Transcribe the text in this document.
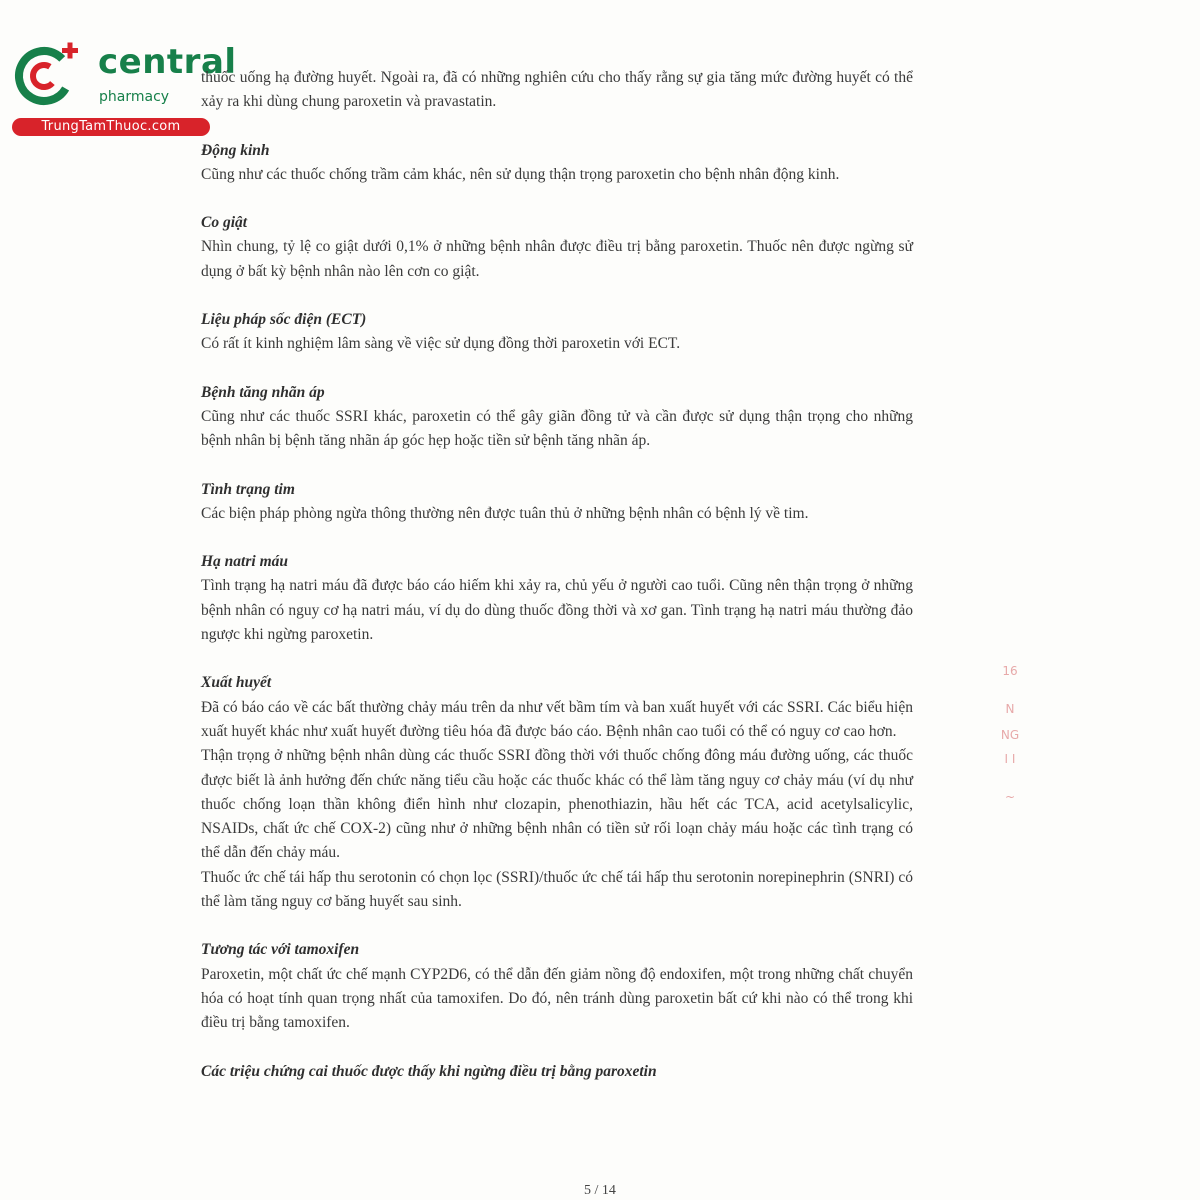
central
pharmacy
TrungTamThuoc.com

thuốc uống hạ đường huyết. Ngoài ra, đã có những nghiên cứu cho thấy rằng sự gia tăng mức đường huyết có thể xảy ra khi dùng chung paroxetin và pravastatin.

Động kinh

Cũng như các thuốc chống trầm cảm khác, nên sử dụng thận trọng paroxetin cho bệnh nhân động kinh.

Co giật

Nhìn chung, tỷ lệ co giật dưới 0,1% ở những bệnh nhân được điều trị bằng paroxetin. Thuốc nên được ngừng sử dụng ở bất kỳ bệnh nhân nào lên cơn co giật.

Liệu pháp sốc điện (ECT)

Có rất ít kinh nghiệm lâm sàng về việc sử dụng đồng thời paroxetin với ECT.

Bệnh tăng nhãn áp

Cũng như các thuốc SSRI khác, paroxetin có thể gây giãn đồng tử và cần được sử dụng thận trọng cho những bệnh nhân bị bệnh tăng nhãn áp góc hẹp hoặc tiền sử bệnh tăng nhãn áp.

Tình trạng tim

Các biện pháp phòng ngừa thông thường nên được tuân thủ ở những bệnh nhân có bệnh lý về tim.

Hạ natri máu

Tình trạng hạ natri máu đã được báo cáo hiếm khi xảy ra, chủ yếu ở người cao tuổi. Cũng nên thận trọng ở những bệnh nhân có nguy cơ hạ natri máu, ví dụ do dùng thuốc đồng thời và xơ gan. Tình trạng hạ natri máu thường đảo ngược khi ngừng paroxetin.

Xuất huyết

Đã có báo cáo về các bất thường chảy máu trên da như vết bầm tím và ban xuất huyết với các SSRI. Các biểu hiện xuất huyết khác như xuất huyết đường tiêu hóa đã được báo cáo. Bệnh nhân cao tuổi có thể có nguy cơ cao hơn.

Thận trọng ở những bệnh nhân dùng các thuốc SSRI đồng thời với thuốc chống đông máu đường uống, các thuốc được biết là ảnh hưởng đến chức năng tiểu cầu hoặc các thuốc khác có thể làm tăng nguy cơ chảy máu (ví dụ như thuốc chống loạn thần không điển hình như clozapin, phenothiazin, hầu hết các TCA, acid acetylsalicylic, NSAIDs, chất ức chế COX-2) cũng như ở những bệnh nhân có tiền sử rối loạn chảy máu hoặc các tình trạng có thể dẫn đến chảy máu.

Thuốc ức chế tái hấp thu serotonin có chọn lọc (SSRI)/thuốc ức chế tái hấp thu serotonin norepinephrin (SNRI) có thể làm tăng nguy cơ băng huyết sau sinh.

Tương tác với tamoxifen

Paroxetin, một chất ức chế mạnh CYP2D6, có thể dẫn đến giảm nồng độ endoxifen, một trong những chất chuyển hóa có hoạt tính quan trọng nhất của tamoxifen. Do đó, nên tránh dùng paroxetin bất cứ khi nào có thể trong khi điều trị bằng tamoxifen.

Các triệu chứng cai thuốc được thấy khi ngừng điều trị bằng paroxetin

16
N
NG
I I
~
5 / 14
